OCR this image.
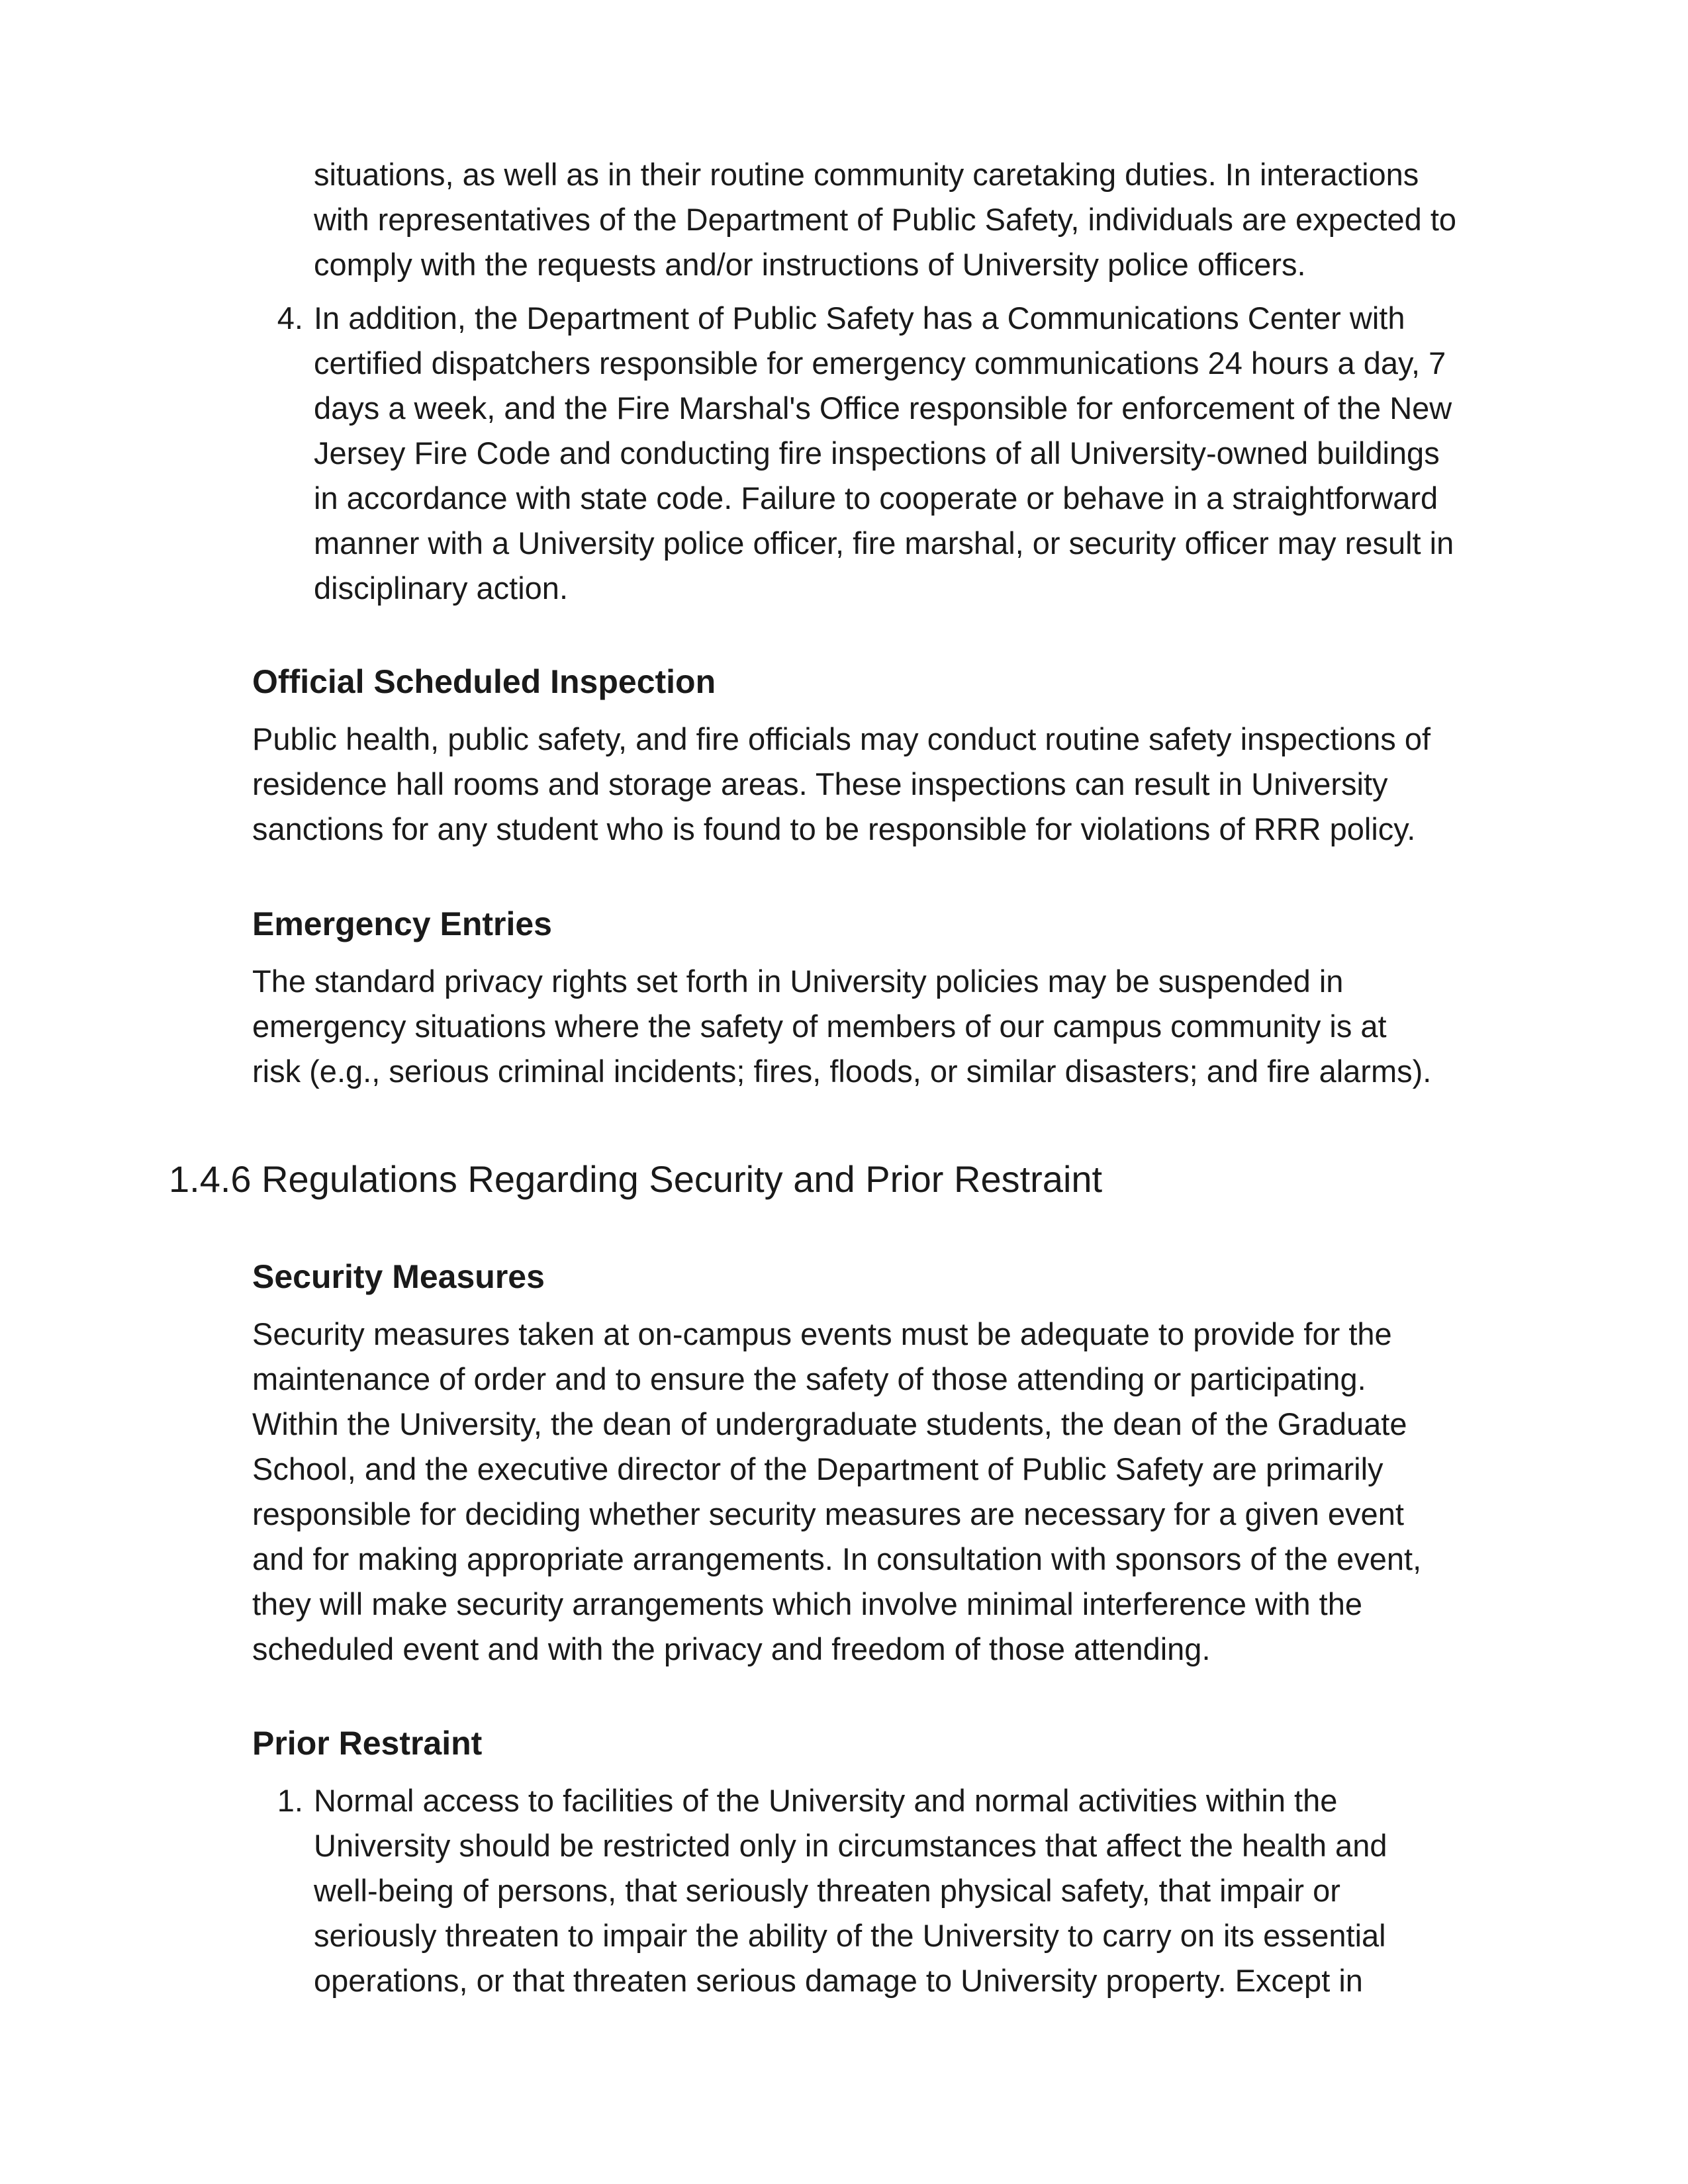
situations, as well as in their routine community caretaking duties. In interactions

with representatives of the Department of Public Safety, individuals are expected to

comply with the requests and/or instructions of University police officers.

4. In addition, the Department of Public Safety has a Communications Center with

certified dispatchers responsible for emergency communications 24 hours a day, 7

days a week, and the Fire Marshal's Office responsible for enforcement of the New

Jersey Fire Code and conducting fire inspections of all University-owned buildings

in accordance with state code. Failure to cooperate or behave in a straightforward

manner with a University police officer, fire marshal, or security officer may result in

disciplinary action.

Official Scheduled Inspection

Public health, public safety, and fire officials may conduct routine safety inspections of

residence hall rooms and storage areas. These inspections can result in University

sanctions for any student who is found to be responsible for violations of RRR policy.

Emergency Entries

The standard privacy rights set forth in University policies may be suspended in

emergency situations where the safety of members of our campus community is at

risk (e.g., serious criminal incidents; fires, floods, or similar disasters; and fire alarms).

1.4.6 Regulations Regarding Security and Prior Restraint
Security Measures

Security measures taken at on-campus events must be adequate to provide for the

maintenance of order and to ensure the safety of those attending or participating.

Within the University, the dean of undergraduate students, the dean of the Graduate

School, and the executive director of the Department of Public Safety are primarily

responsible for deciding whether security measures are necessary for a given event

and for making appropriate arrangements. In consultation with sponsors of the event,

they will make security arrangements which involve minimal interference with the

scheduled event and with the privacy and freedom of those attending.

Prior Restraint
1. Normal access to facilities of the University and normal activities within the

University should be restricted only in circumstances that affect the health and

well-being of persons, that seriously threaten physical safety, that impair or

seriously threaten to impair the ability of the University to carry on its essential

operations, or that threaten serious damage to University property. Except in
